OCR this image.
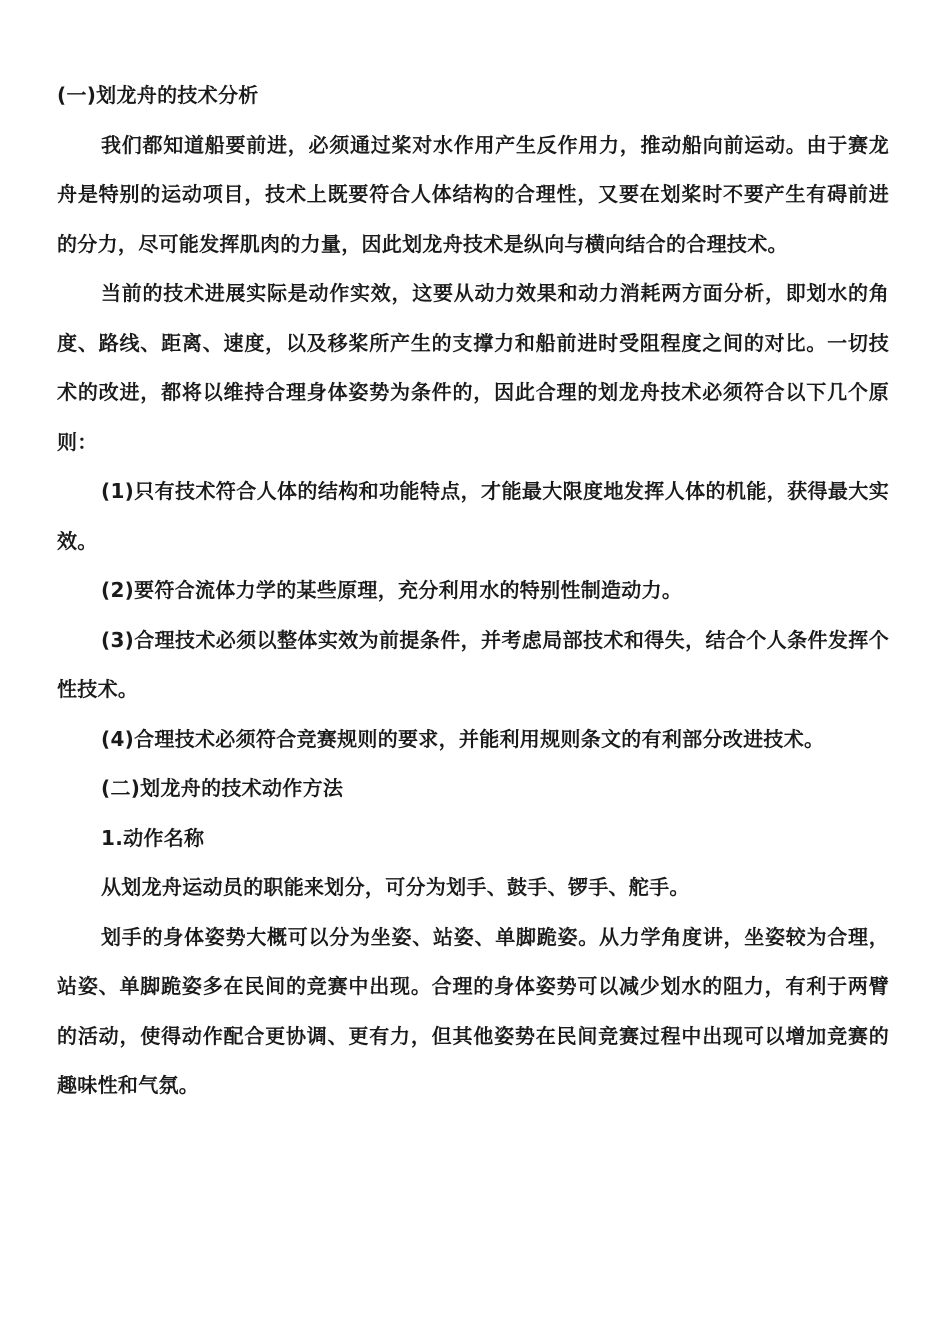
(一)划龙舟的技术分析

我们都知道船要前进，必须通过桨对水作用产生反作用力，推动船向前运动。由于赛龙舟是特别的运动项目，技术上既要符合人体结构的合理性，又要在划桨时不要产生有碍前进的分力，尽可能发挥肌肉的力量，因此划龙舟技术是纵向与横向结合的合理技术。

当前的技术进展实际是动作实效，这要从动力效果和动力消耗两方面分析，即划水的角度、路线、距离、速度，以及移桨所产生的支撑力和船前进时受阻程度之间的对比。一切技术的改进，都将以维持合理身体姿势为条件的，因此合理的划龙舟技术必须符合以下几个原则：

(1)只有技术符合人体的结构和功能特点，才能最大限度地发挥人体的机能，获得最大实效。

(2)要符合流体力学的某些原理，充分利用水的特别性制造动力。

(3)合理技术必须以整体实效为前提条件，并考虑局部技术和得失，结合个人条件发挥个性技术。

(4)合理技术必须符合竞赛规则的要求，并能利用规则条文的有利部分改进技术。

(二)划龙舟的技术动作方法

1.动作名称

从划龙舟运动员的职能来划分，可分为划手、鼓手、锣手、舵手。

划手的身体姿势大概可以分为坐姿、站姿、单脚跪姿。从力学角度讲，坐姿较为合理，站姿、单脚跪姿多在民间的竞赛中出现。合理的身体姿势可以减少划水的阻力，有利于两臂的活动，使得动作配合更协调、更有力，但其他姿势在民间竞赛过程中出现可以增加竞赛的趣味性和气氛。
